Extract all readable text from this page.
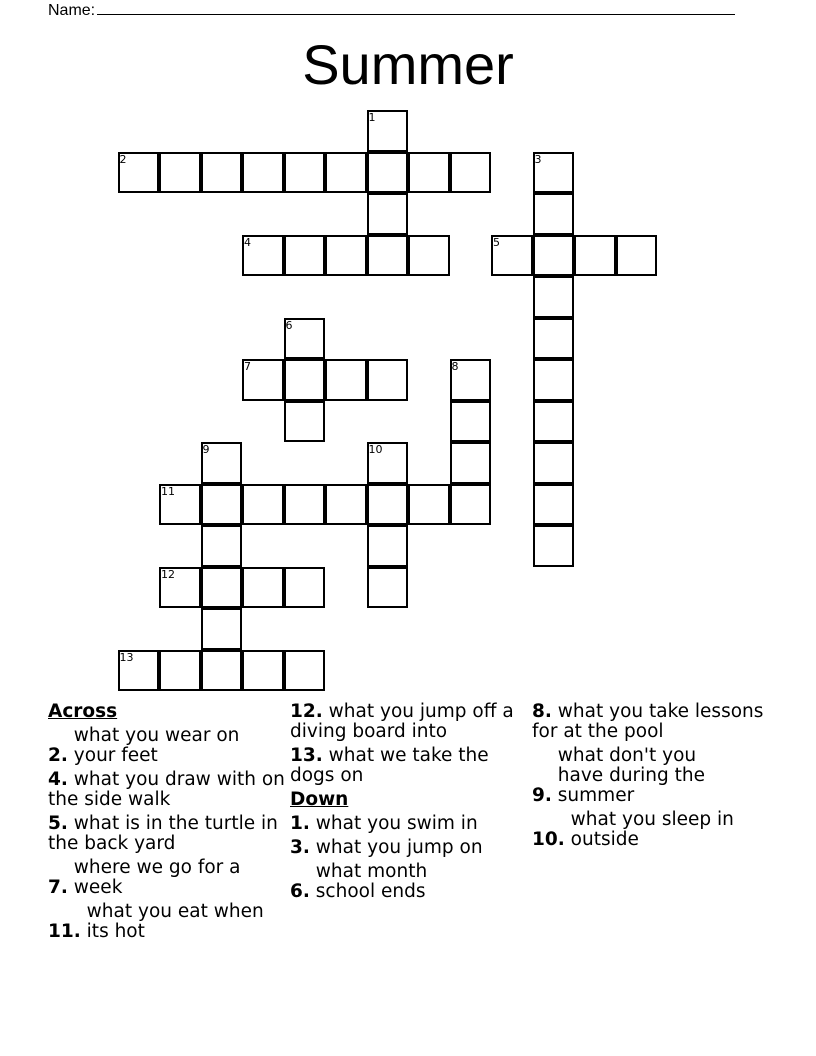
Name:
Summer
1
2	3
4	5
6
7	8
9	10
11
12
13
Across
2. what you wear on your feet
4. what you draw with on the side walk
5. what is in the turtle in the back yard
7. where we go for a week
11. what you eat when its hot
12. what you jump off a diving board into
13. what we take the dogs on
Down
1. what you swim in
3. what you jump on
6. what month school ends
8. what you take lessons for at the pool
9. what don't you have during the summer
10. what you sleep in outside
